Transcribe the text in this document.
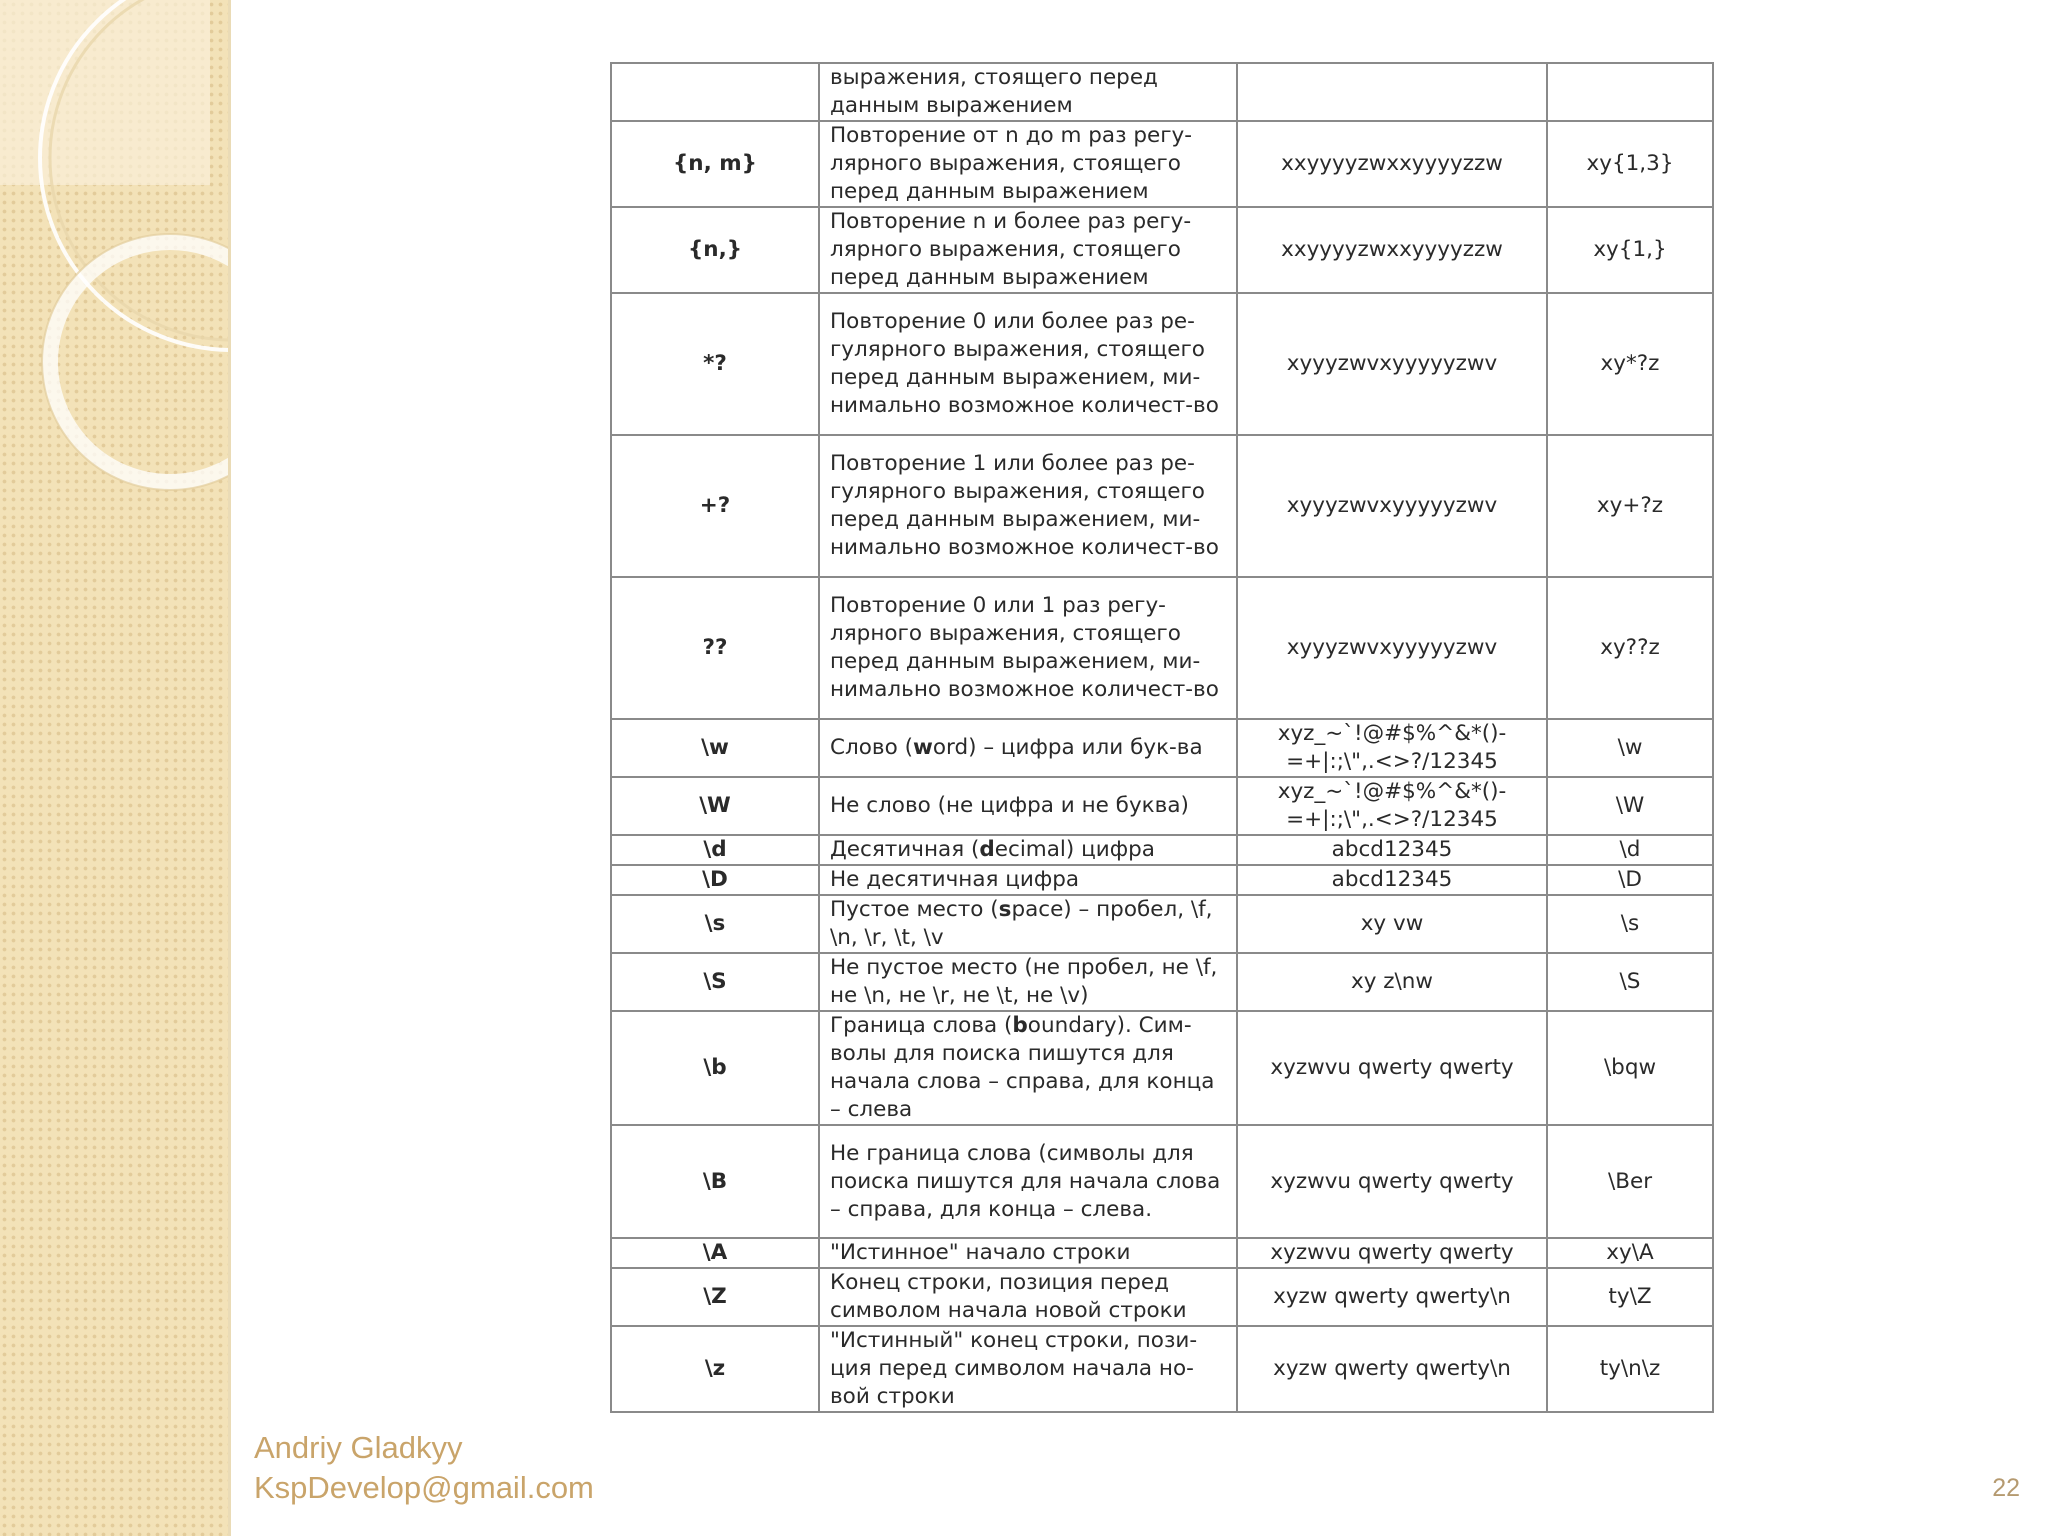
	выражения, стоящего перед данным выражением		
{n, m}	Повторение от n до m раз регу-лярного выражения, стоящего перед данным выражением	xxyyyyzwxxyyyyzzw	xy{1,3}
{n,}	Повторение n и более раз регу-лярного выражения, стоящего перед данным выражением	xxyyyyzwxxyyyyzzw	xy{1,}
*?	Повторение 0 или более раз ре-гулярного выражения, стоящего перед данным выражением, ми-нимально возможное количест-во	xyyyzwvxyyyyyzwv	xy*?z
+?	Повторение 1 или более раз ре-гулярного выражения, стоящего перед данным выражением, ми-нимально возможное количест-во	xyyyzwvxyyyyyzwv	xy+?z
??	Повторение 0 или 1 раз регу-лярного выражения, стоящего перед данным выражением, ми-нимально возможное количест-во	xyyyzwvxyyyyyzwv	xy??z
\w	Слово (word) – цифра или бук-ва	xyz_~`!@#$%^&*()-=+|:;\",.<>?/12345	\w
\W	Не слово (не цифра и не буква)	xyz_~`!@#$%^&*()-=+|:;\",.<>?/12345	\W
\d	Десятичная (decimal) цифра	abcd12345	\d
\D	Не десятичная цифра	abcd12345	\D
\s	Пустое место (space) – пробел, \f, \n, \r, \t, \v	xy vw	\s
\S	Не пустое место (не пробел, не \f, не \n, не \r, не \t, не \v)	xy z\nw	\S
\b	Граница слова (boundary). Сим-волы для поиска пишутся для начала слова – справа, для конца – слева	xyzwvu qwerty qwerty	\bqw
\B	Не граница слова (символы для поиска пишутся для начала слова – справа, для конца – слева.	xyzwvu qwerty qwerty	\Ber
\A	"Истинное" начало строки	xyzwvu qwerty qwerty	xy\A
\Z	Конец строки, позиция перед символом начала новой строки	xyzw qwerty qwerty\n	ty\Z
\z	"Истинный" конец строки, пози-ция перед символом начала но-вой строки	xyzw qwerty qwerty\n	ty\n\z
Andriy Gladkyy
KspDevelop@gmail.com	22
